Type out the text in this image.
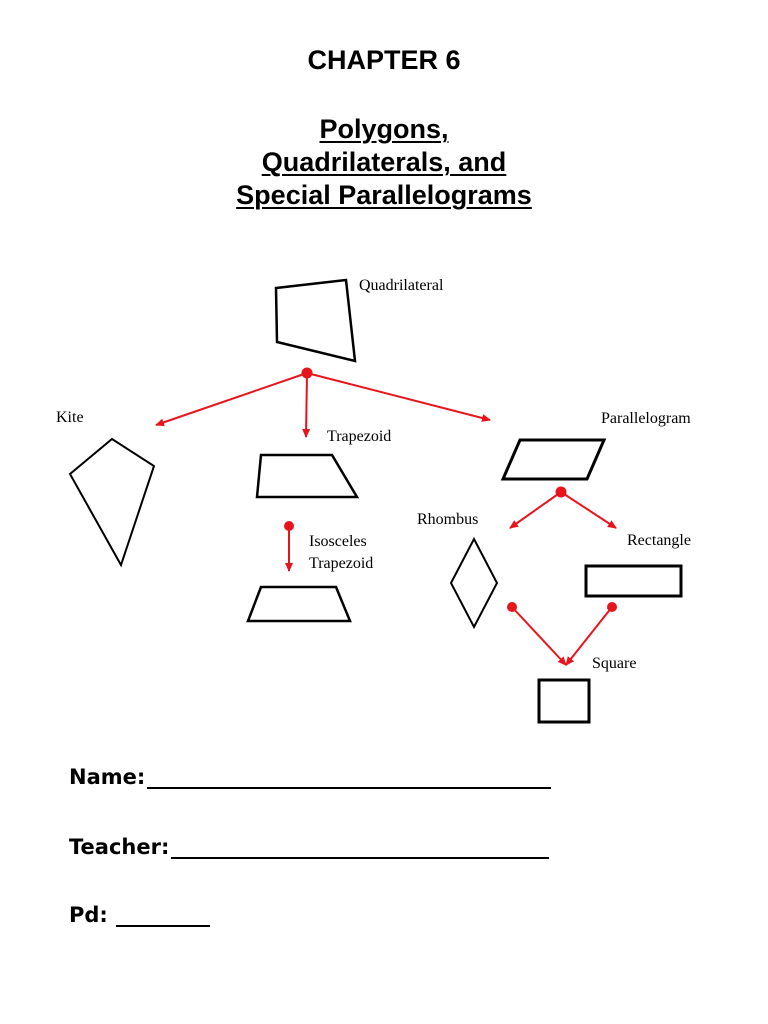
CHAPTER 6
Polygons,
Quadrilaterals, and
Special Parallelograms
Quadrilateral
Kite
Trapezoid
Parallelogram
Isosceles
Trapezoid
Rhombus
Rectangle
Square
Name:
Teacher:
Pd:
